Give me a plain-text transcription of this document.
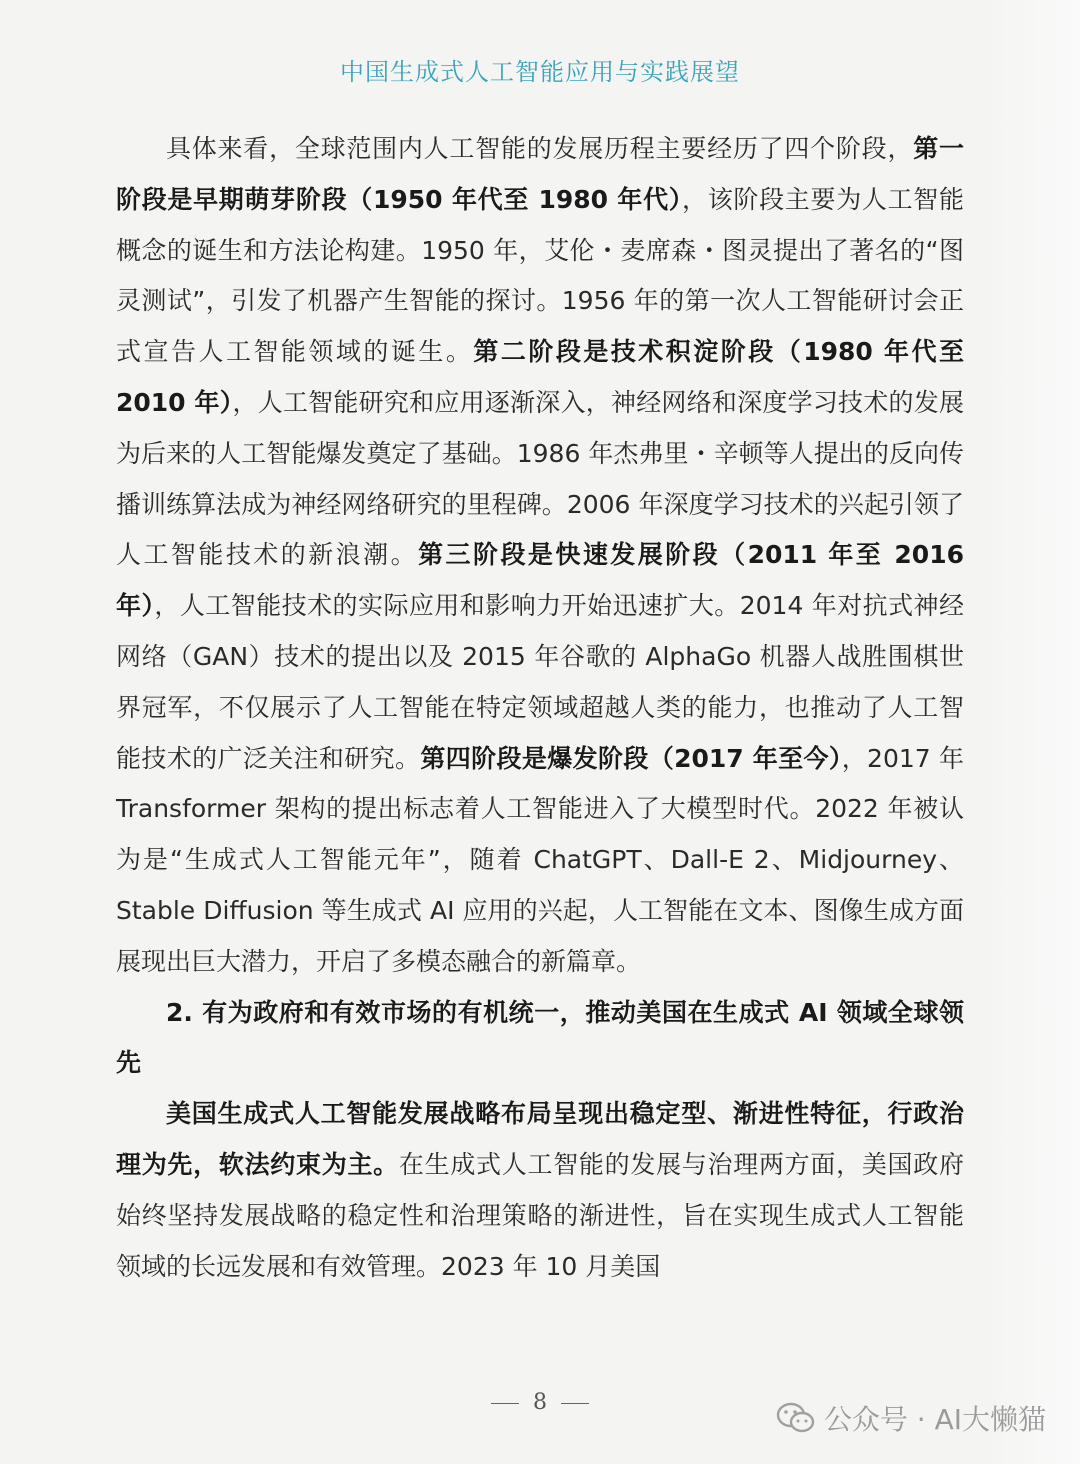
中国生成式人工智能应用与实践展望

具体来看，全球范围内人工智能的发展历程主要经历了四个阶段，第一阶段是早期萌芽阶段（1950 年代至 1980 年代），该阶段主要为人工智能概念的诞生和方法论构建。1950 年，艾伦・麦席森・图灵提出了著名的“图灵测试”，引发了机器产生智能的探讨。1956 年的第一次人工智能研讨会正式宣告人工智能领域的诞生。第二阶段是技术积淀阶段（1980 年代至 2010 年），人工智能研究和应用逐渐深入，神经网络和深度学习技术的发展为后来的人工智能爆发奠定了基础。1986 年杰弗里・辛顿等人提出的反向传播训练算法成为神经网络研究的里程碑。2006 年深度学习技术的兴起引领了人工智能技术的新浪潮。第三阶段是快速发展阶段（2011 年至 2016 年），人工智能技术的实际应用和影响力开始迅速扩大。2014 年对抗式神经网络（GAN）技术的提出以及 2015 年谷歌的 AlphaGo 机器人战胜围棋世界冠军，不仅展示了人工智能在特定领域超越人类的能力，也推动了人工智能技术的广泛关注和研究。第四阶段是爆发阶段（2017 年至今），2017 年 Transformer 架构的提出标志着人工智能进入了大模型时代。2022 年被认为是“生成式人工智能元年”，随着 ChatGPT、Dall-E 2、Midjourney、Stable Diffusion 等生成式 AI 应用的兴起，人工智能在文本、图像生成方面展现出巨大潜力，开启了多模态融合的新篇章。

2. 有为政府和有效市场的有机统一，推动美国在生成式 AI 领域全球领先

美国生成式人工智能发展战略布局呈现出稳定型、渐进性特征，行政治理为先，软法约束为主。在生成式人工智能的发展与治理两方面，美国政府始终坚持发展战略的稳定性和治理策略的渐进性，旨在实现生成式人工智能领域的长远发展和有效管理。2023 年 10 月美国

8
公众号 · AI大懒猫
